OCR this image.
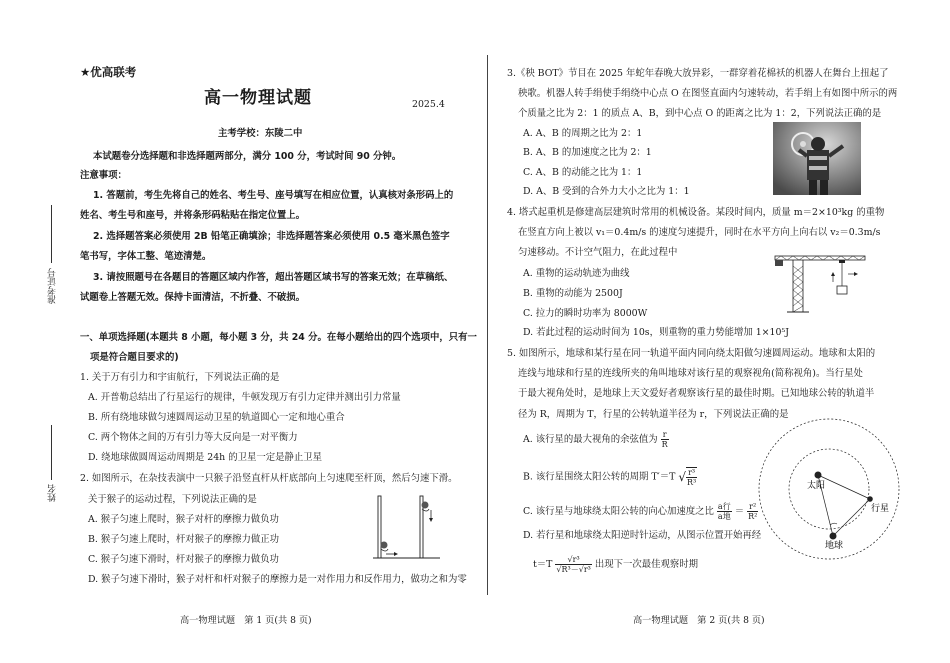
准考证号
姓名
★优高联考
高一物理试题	2025.4
主考学校：东陵二中
本试题卷分选择题和非选择题两部分，满分 100 分，考试时间 90 分钟。
注意事项：
1. 答题前，考生先将自己的姓名、考生号、座号填写在相应位置，认真核对条形码上的
姓名、考生号和座号，并将条形码粘贴在指定位置上。
2. 选择题答案必须使用 2B 铅笔正确填涂；非选择题答案必须使用 0.5 毫米黑色签字
笔书写，字体工整、笔迹清楚。
3. 请按照题号在各题目的答题区域内作答，超出答题区域书写的答案无效；在草稿纸、
试题卷上答题无效。保持卡面清洁，不折叠、不破损。
一、单项选择题(本题共 8 小题，每小题 3 分，共 24 分。在每小题给出的四个选项中，只有一
项是符合题目要求的)
1. 关于万有引力和宇宙航行，下列说法正确的是
A. 开普勒总结出了行星运行的规律，牛顿发现万有引力定律并测出引力常量
B. 所有绕地球做匀速圆周运动卫星的轨道圆心一定和地心重合
C. 两个物体之间的万有引力等大反向是一对平衡力
D. 绕地球做圆周运动周期是 24h 的卫星一定是静止卫星
2. 如图所示，在杂技表演中一只猴子沿竖直杆从杆底部向上匀速爬至杆顶，然后匀速下滑。
关于猴子的运动过程，下列说法正确的是
A. 猴子匀速上爬时，猴子对杆的摩擦力做负功
B. 猴子匀速上爬时，杆对猴子的摩擦力做正功
C. 猴子匀速下滑时，杆对猴子的摩擦力做负功
D. 猴子匀速下滑时，猴子对杆和杆对猴子的摩擦力是一对作用力和反作用力，做功之和为零
高一物理试题　第 1 页(共 8 页)
3.《秧 BOT》节目在 2025 年蛇年春晚大放异彩，一群穿着花棉袄的机器人在舞台上扭起了
秧歌。机器人转手绢使手绢绕中心点 O 在图竖直面内匀速转动，若手绢上有如图中所示的两
个质量之比为 2：1 的质点 A、B，到中心点 O 的距离之比为 1：2，下列说法正确的是
A. A、B 的周期之比为 2：1
B. A、B 的加速度之比为 2：1
C. A、B 的动能之比为 1：1
D. A、B 受到的合外力大小之比为 1：1
4. 塔式起重机是修建高层建筑时常用的机械设备。某段时间内，质量 m＝2×10³kg 的重物
在竖直方向上被以 v₁＝0.4m/s 的速度匀速提升，同时在水平方向上向右以 v₂＝0.3m/s
匀速移动。不计空气阻力，在此过程中
A. 重物的运动轨迹为曲线
B. 重物的动能为 2500J
C. 拉力的瞬时功率为 8000W
D. 若此过程的运动时间为 10s，则重物的重力势能增加 1×10⁵J
5. 如图所示，地球和某行星在同一轨道平面内同向绕太阳做匀速圆周运动。地球和太阳的
连线与地球和行星的连线所夹的角叫地球对该行星的观察视角(简称视角)。当行星处
于最大视角处时，是地球上天文爱好者观察该行星的最佳时期。已知地球公转的轨道半
径为 R，周期为 T，行星的公转轨道半径为 r，下列说法正确的是
A. 该行星的最大视角的余弦值为 $\frac{r}{R}$
B. 该行星围绕太阳公转的周期 T′＝T √ $\frac{\text{r³}}{\text{R³}}$
C. 该行星与地球绕太阳公转的向心加速度之比 $\frac{\text{a行}}{\text{a地}} = \frac{\text{r²}}{\text{R²}}$
D. 若行星和地球绕太阳逆时针运动，从图示位置开始再经
$t=T \frac{\text{√r³}}{\text{√R³－√r³}}$ 出现下一次最佳观察时期
太阳
行星
地球
高一物理试题　第 2 页(共 8 页)
